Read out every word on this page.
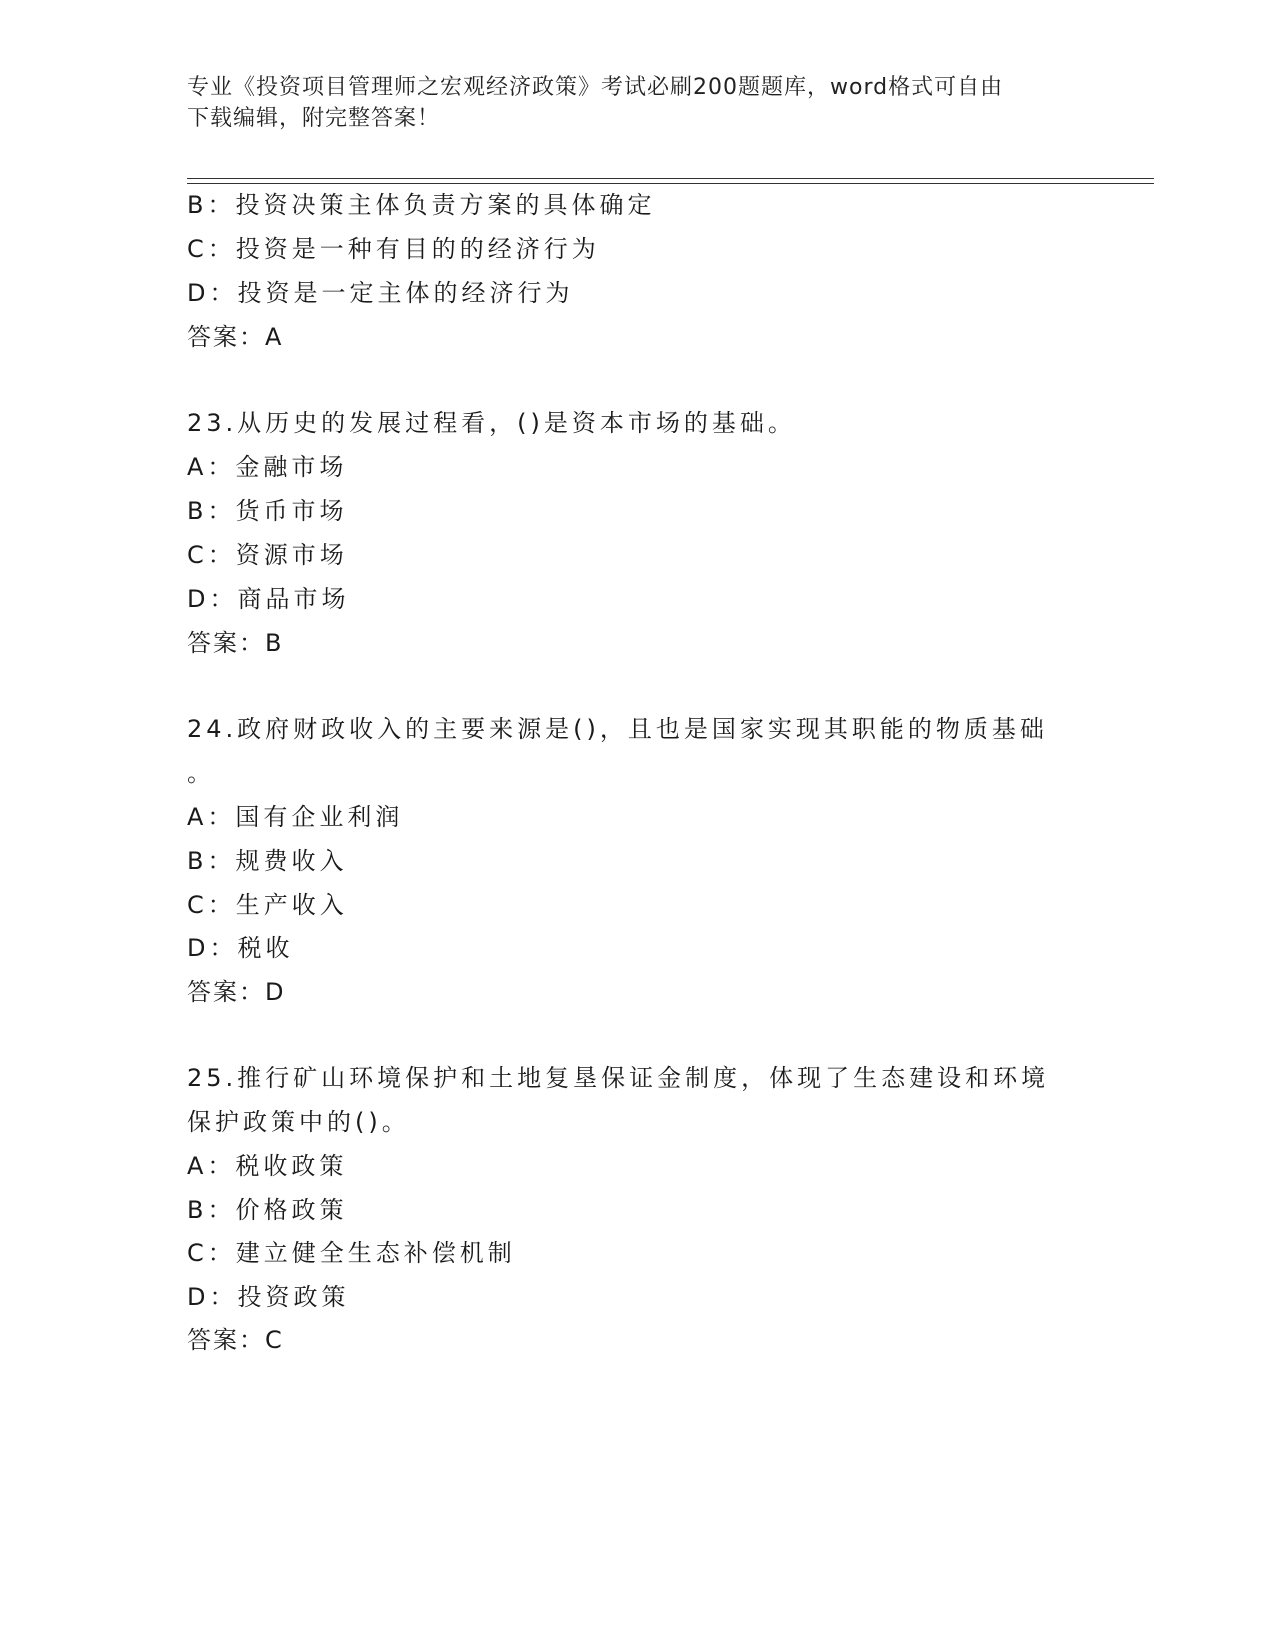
专业《投资项目管理师之宏观经济政策》考试必刷200题题库，word格式可自由
下载编辑，附完整答案！
B：投资决策主体负责方案的具体确定
C：投资是一种有目的的经济行为
D：投资是一定主体的经济行为
答案：A
23.从历史的发展过程看，()是资本市场的基础。
A：金融市场
B：货币市场
C：资源市场
D：商品市场
答案：B
24.政府财政收入的主要来源是()，且也是国家实现其职能的物质基础
。
A：国有企业利润
B：规费收入
C：生产收入
D：税收
答案：D
25.推行矿山环境保护和土地复垦保证金制度，体现了生态建设和环境
保护政策中的()。
A：税收政策
B：价格政策
C：建立健全生态补偿机制
D：投资政策
答案：C
